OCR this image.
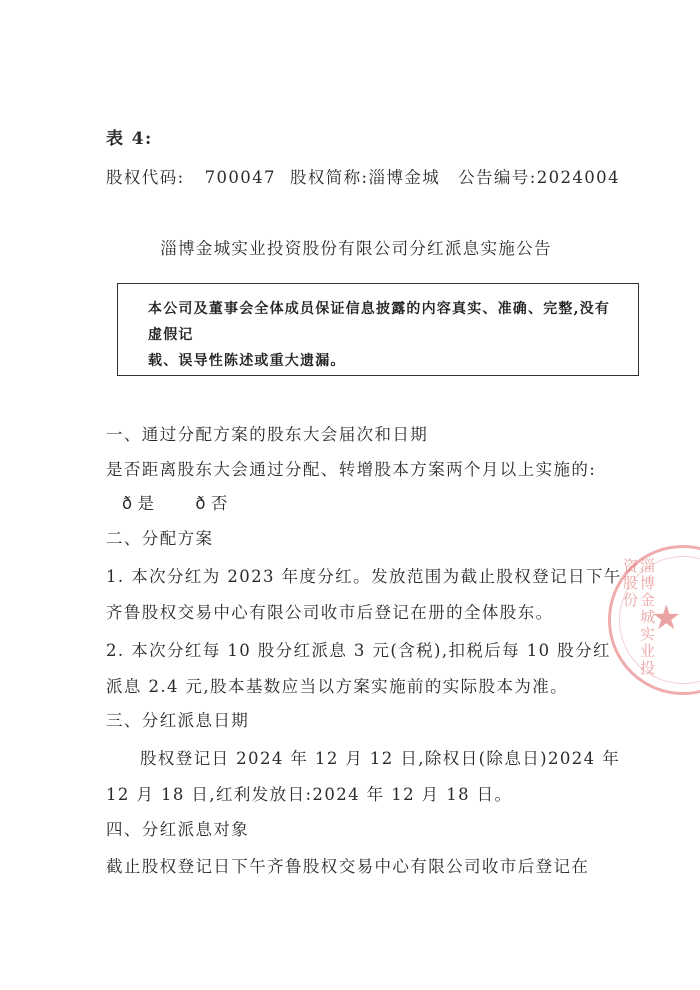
表 4:
股权代码: 700047 股权简称:淄博金城 公告编号:2024004
淄博金城实业投资股份有限公司分红派息实施公告
本公司及董事会全体成员保证信息披露的内容真实、准确、完整,没有虚假记
载、误导性陈述或重大遗漏。
一、通过分配方案的股东大会届次和日期
是否距离股东大会通过分配、转增股本方案两个月以上实施的:
ð 是 ð 否
二、分配方案
1. 本次分红为 2023 年度分红。发放范围为截止股权登记日下午
齐鲁股权交易中心有限公司收市后登记在册的全体股东。
2. 本次分红每 10 股分红派息 3 元(含税),扣税后每 10 股分红
派息 2.4 元,股本基数应当以方案实施前的实际股本为准。
三、分红派息日期
股权登记日 2024 年 12 月 12 日,除权日(除息日)2024 年
12 月 18 日,红利发放日:2024 年 12 月 18 日。
四、分红派息对象
截止股权登记日下午齐鲁股权交易中心有限公司收市后登记在
淄博金城实业投资股份
★
